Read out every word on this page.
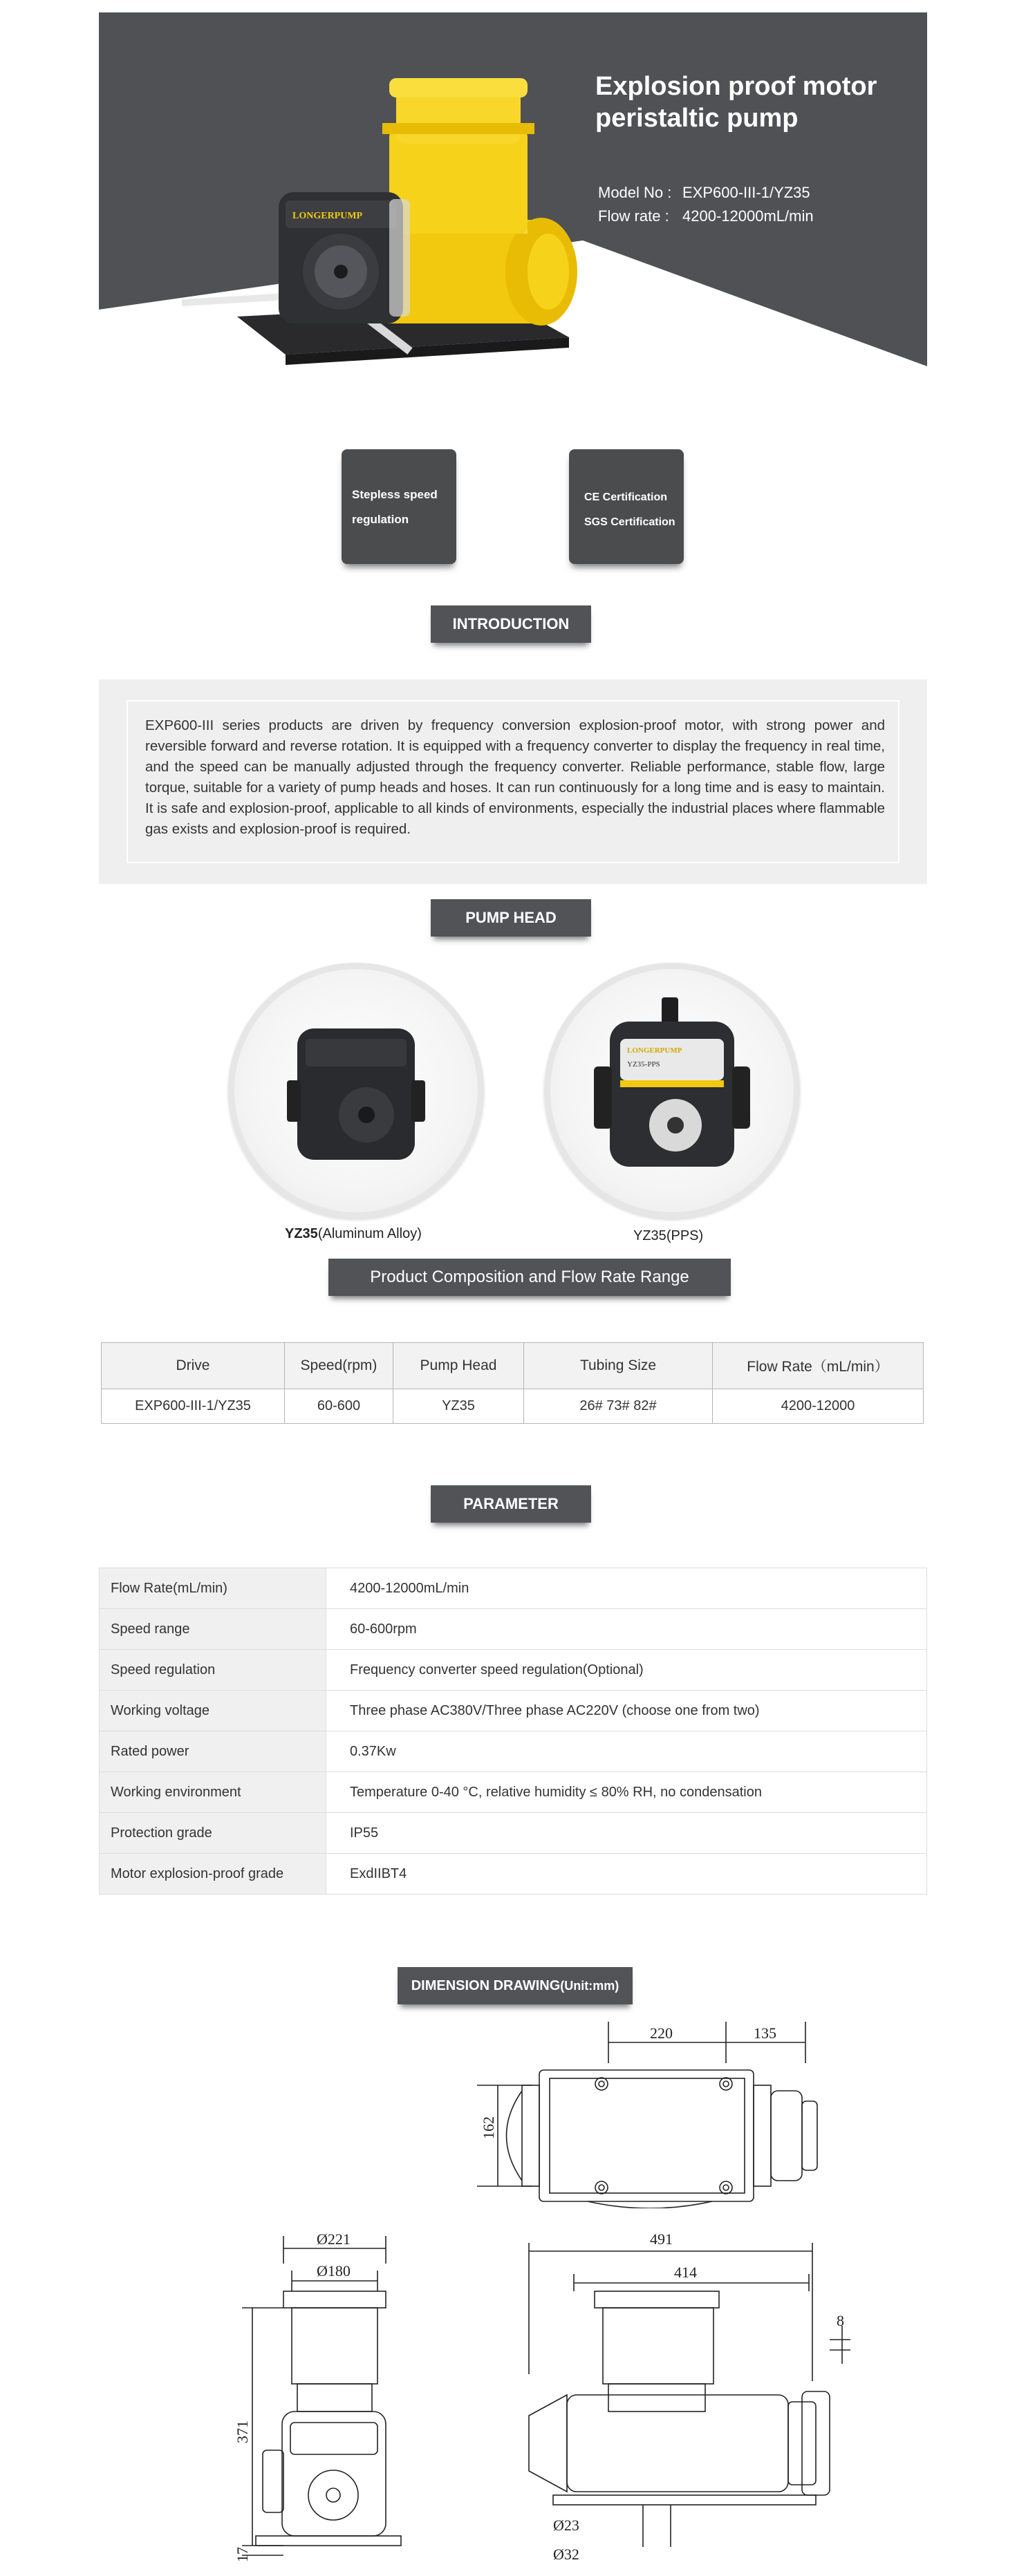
LONGERPUMP
Explosion proof motor
peristaltic pump
Model No : EXP600-III-1/YZ35
Flow rate : 4200-12000mL/min
Stepless speed
regulation
CE Certification
SGS Certification
INTRODUCTION
EXP600-III series products are driven by frequency conversion explosion-proof motor, with strong power and reversible forward and reverse rotation. It is equipped with a frequency converter to display the frequency in real time, and the speed can be manually adjusted through the frequency converter. Reliable performance, stable flow, large torque, suitable for a variety of pump heads and hoses. It can run continuously for a long time and is easy to maintain. It is safe and explosion-proof, applicable to all kinds of environments, especially the industrial places where flammable gas exists and explosion-proof is required.
PUMP HEAD
LONGERPUMP
YZ35-PPS
YZ35(Aluminum Alloy)	YZ35(PPS)
Product Composition and Flow Rate Range
Drive	Speed(rpm)	Pump Head	Tubing Size	Flow Rate（mL/min）
EXP600-III-1/YZ35	60-600	YZ35	26# 73# 82#	4200-12000
PARAMETER
Flow Rate(mL/min)	4200-12000mL/min
Speed range	60-600rpm
Speed regulation	Frequency converter speed regulation(Optional)
Working voltage	Three phase AC380V/Three phase AC220V (choose one from two)
Rated power	0.37Kw
Working environment	Temperature 0-40 °C, relative humidity ≤ 80% RH, no condensation
Protection grade	IP55
Motor explosion-proof grade	ExdIIBT4
DIMENSION DRAWING(Unit:mm)
220	135
162
Ø221
Ø180
371
17
491
414
8
Ø23
Ø32
